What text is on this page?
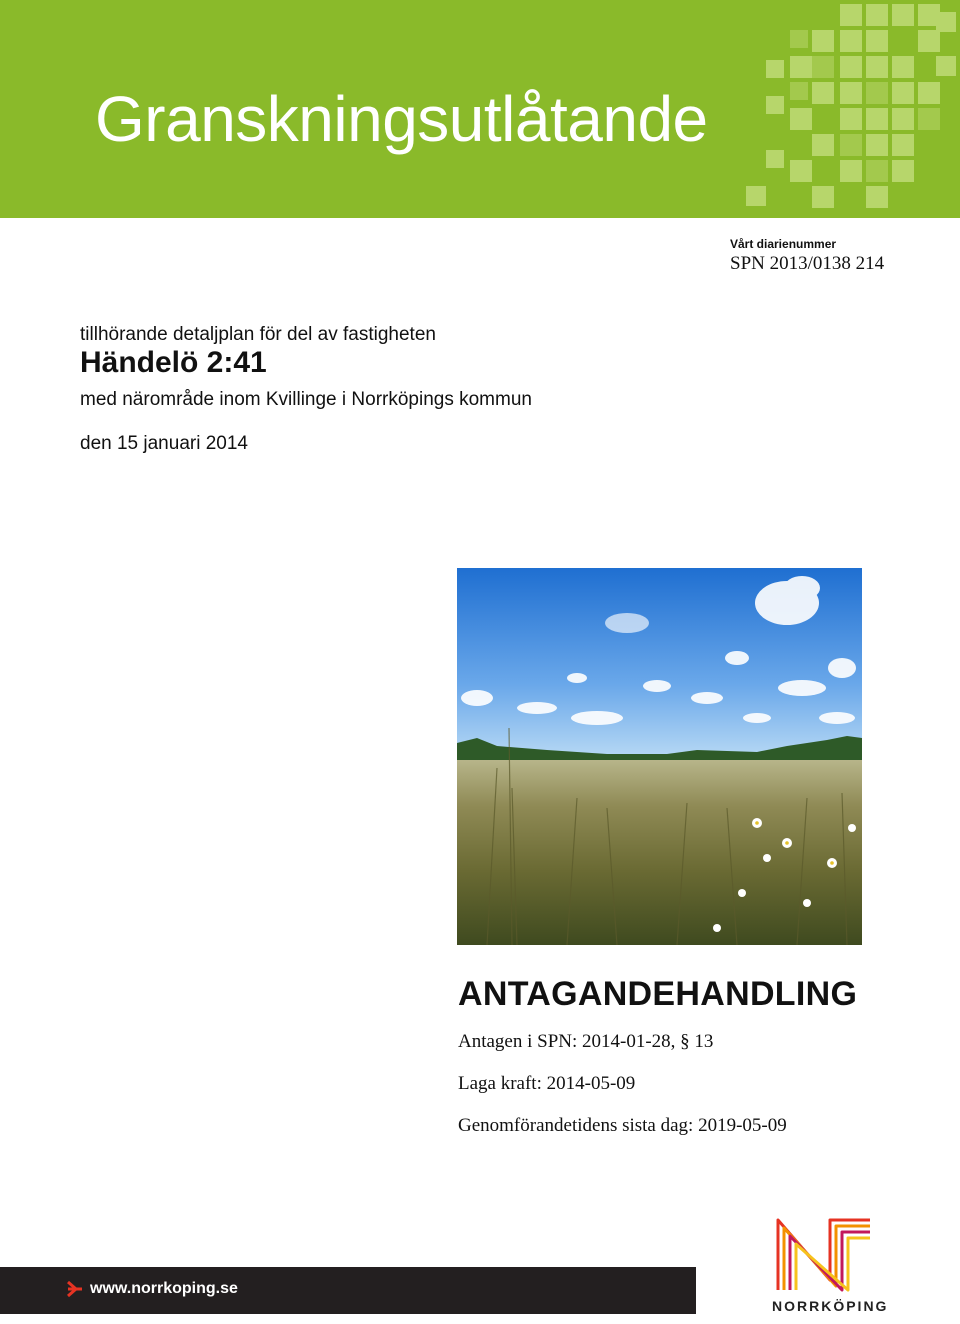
Granskningsutlåtande
Vårt diarienummer
SPN 2013/0138 214
tillhörande detaljplan för del av fastigheten
Händelö 2:41
med närområde inom Kvillinge i Norrköpings kommun
den 15 januari 2014
ANTAGANDEHANDLING
Antagen i SPN: 2014-01-28, § 13
Laga kraft: 2014-05-09
Genomförandetidens sista dag: 2019-05-09
www.norrkoping.se
NORRKÖPING
